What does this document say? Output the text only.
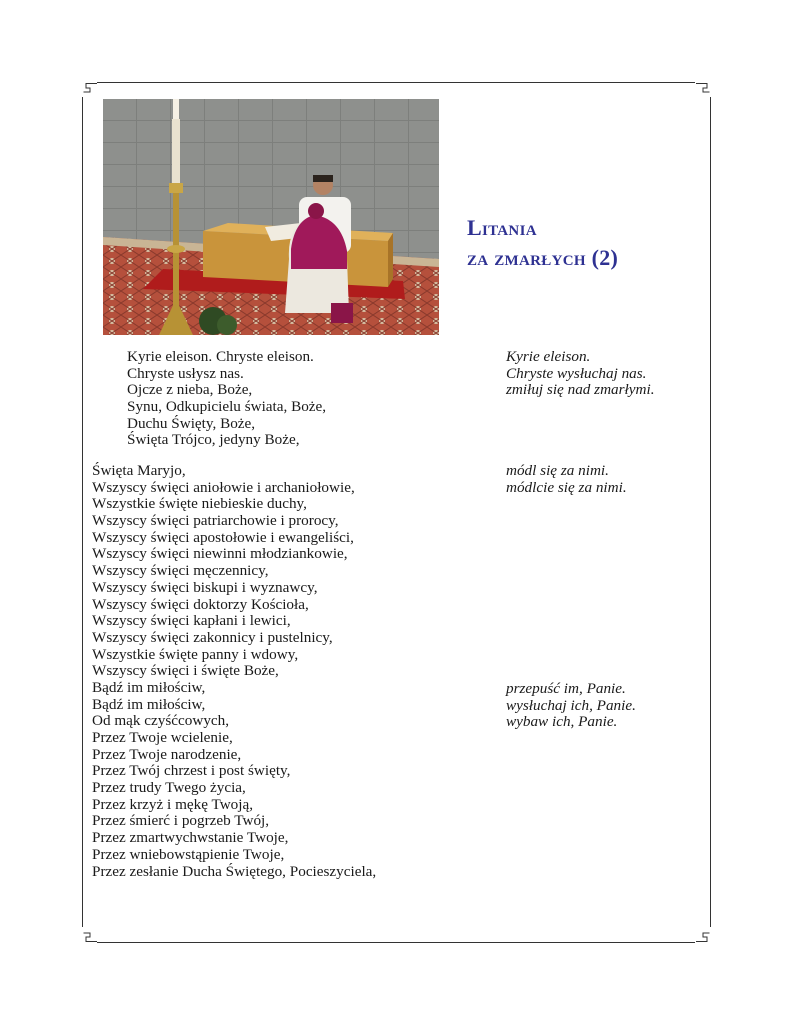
Litania
za zmarłych (2)
Kyrie eleison. Chryste eleison.
Chryste usłysz nas.
Ojcze z nieba, Boże,
Synu, Odkupicielu świata, Boże,
Duchu Święty, Boże,
Święta Trójco, jedyny Boże,
Kyrie eleison.
Chryste wysłuchaj nas.
zmiłuj się nad zmarłymi.
Święta Maryjo,
Wszyscy święci aniołowie i archaniołowie,
Wszystkie święte niebieskie duchy,
Wszyscy święci patriarchowie i prorocy,
Wszyscy święci apostołowie i ewangeliści,
Wszyscy święci niewinni młodziankowie,
Wszyscy święci męczennicy,
Wszyscy święci biskupi i wyznawcy,
Wszyscy święci doktorzy Kościoła,
Wszyscy święci kapłani i lewici,
Wszyscy święci zakonnicy i pustelnicy,
Wszystkie święte panny i wdowy,
Wszyscy święci i święte Boże,
Bądź im miłościw,
Bądź im miłościw,
Od mąk czyśćcowych,
Przez Twoje wcielenie,
Przez Twoje narodzenie,
Przez Twój chrzest i post święty,
Przez trudy Twego życia,
Przez krzyż i mękę Twoją,
Przez śmierć i pogrzeb Twój,
Przez zmartwychwstanie Twoje,
Przez wniebowstąpienie Twoje,
Przez zesłanie Ducha Świętego, Pocieszyciela,
módl się za nimi.
módlcie się za nimi.
przepuść im, Panie.
wysłuchaj ich, Panie.
wybaw ich, Panie.
